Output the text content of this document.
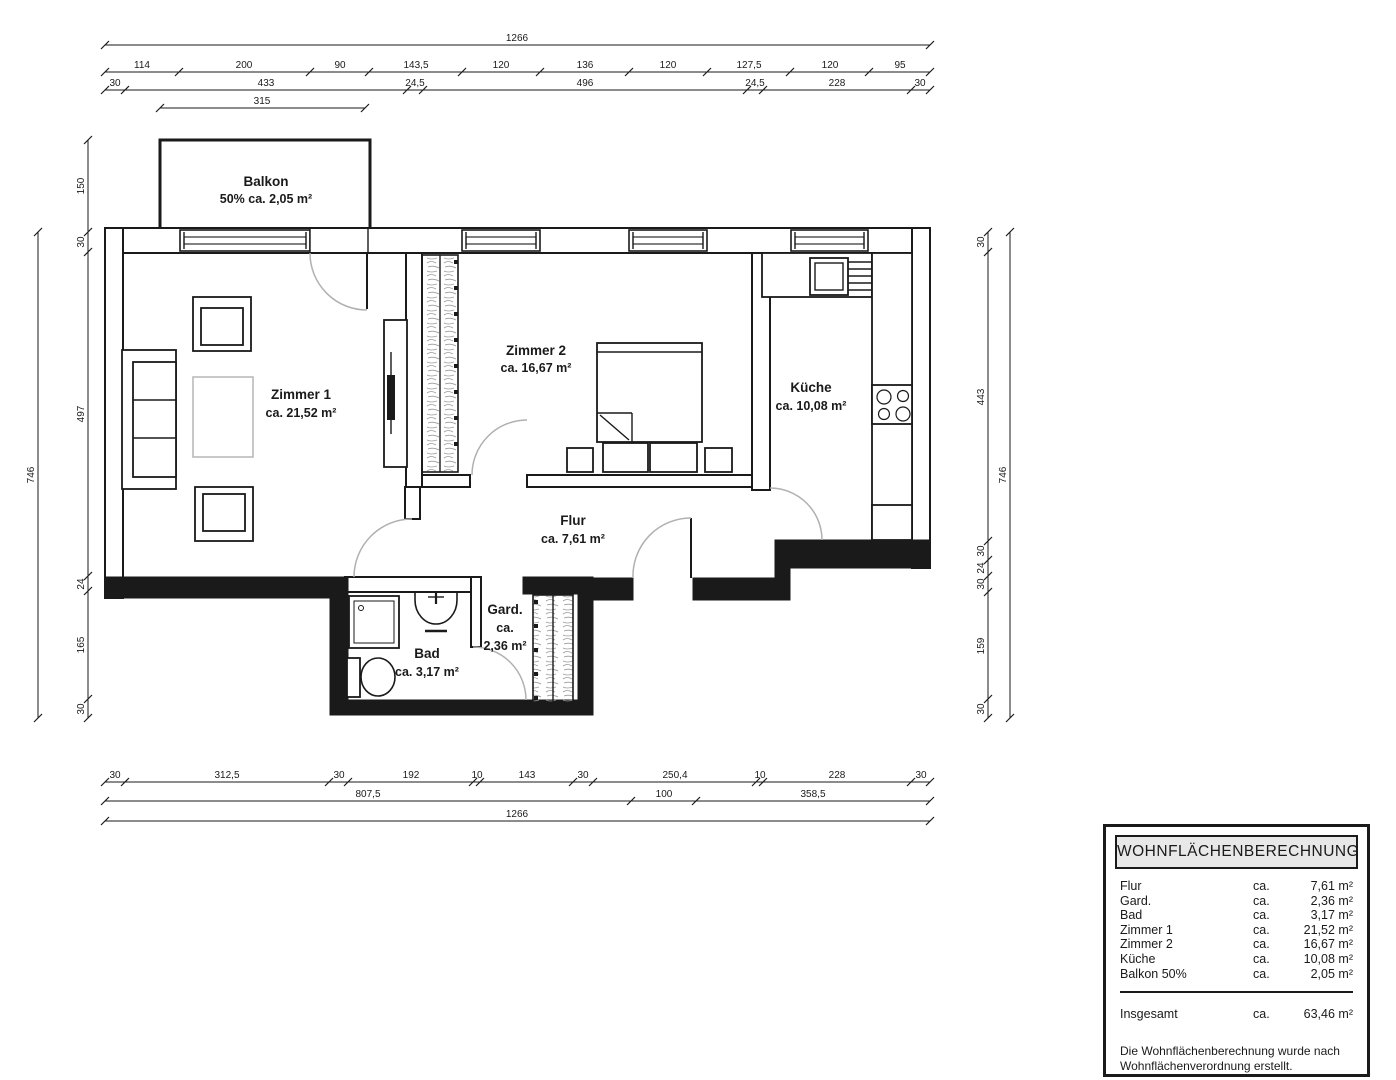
Balkon
50% ca. 2,05 m²
Zimmer 1
ca. 21,52 m²
Zimmer 2
ca. 16,67 m²
Küche
ca. 10,08 m²
Flur
ca. 7,61 m²
Gard.
ca.
2,36 m²
Bad
ca. 3,17 m²
1266
114	200	90	143,5	120	136	120	127,5	120	95
30	433	24,5	496	24,5	228	30
315
30	312,5	30	192	10	143	30	250,4	10	228	30
807,5	100	358,5
1266
150
30
497
24
165
30
746
30
443
30
24
30
159
30
746
WOHNFLÄCHENBERECHNUNG
Flur	ca.	7,61 m²
Gard.	ca.	2,36 m²
Bad	ca.	3,17 m²
Zimmer 1	ca.	21,52 m²
Zimmer 2	ca.	16,67 m²
Küche	ca.	10,08 m²
Balkon 50%	ca.	2,05 m²
Insgesamt	ca.	63,46 m²
Die Wohnflächenberechnung wurde nach
Wohnflächenverordnung erstellt.
